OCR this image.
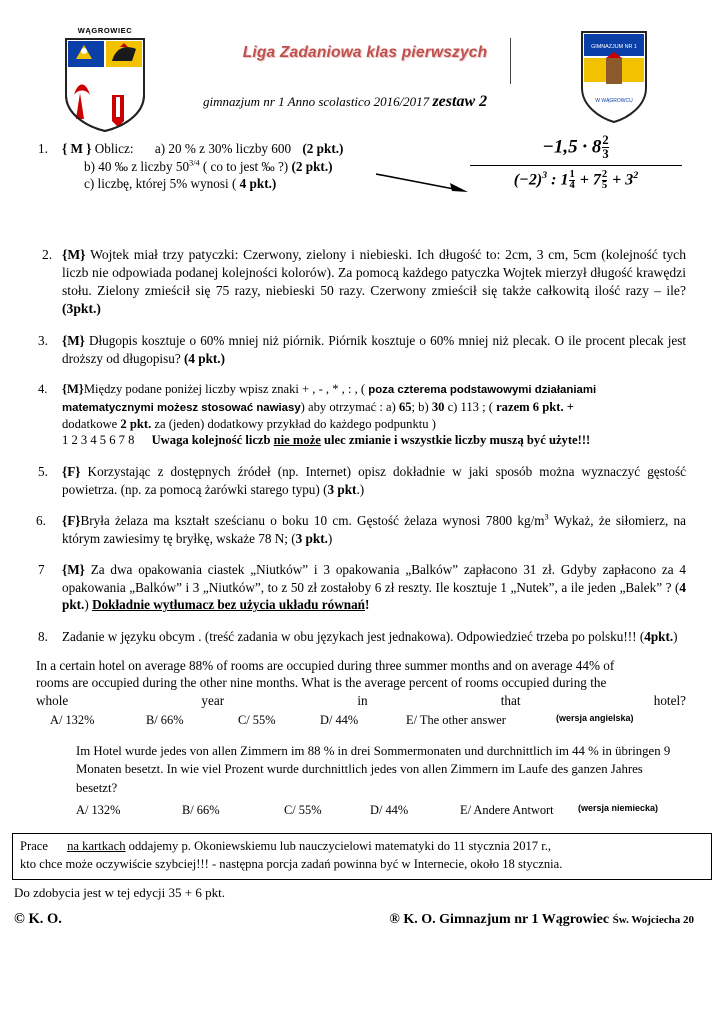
WĄGROWIEC
Liga Zadaniowa klas pierwszych
gimnazjum nr 1 Anno scolastico 2016/2017 zestaw 2
GIMNAZJUM NR 1
W WĄGROWCU
1.	{ M } Oblicz: a) 20 % z 30% liczby 600 (2 pkt.)
b) 40 ‰ z liczby $50^{3/4}$ ( co to jest ‰ ?) (2 pkt.)
c) liczbę, której 5% wynosi ( 4 pkt.)
$-1,5 \cdot 8 \frac{2}{3}$
$(-2)^3$ : $1 \frac{1}{4} + 7 \frac{2}{5} + 3^2$
2. {M} Wojtek miał trzy patyczki: Czerwony, zielony i niebieski. Ich długość to: 2cm, 3 cm, 5cm (kolejność tych liczb nie odpowiada podanej kolejności kolorów). Za pomocą każdego patyczka Wojtek mierzył długość krawędzi stołu. Zielony zmieścił się 75 razy, niebieski 50 razy. Czerwony zmieścił się także całkowitą ilość razy – ile? (3pkt.)
3.	{M} Długopis kosztuje o 60% mniej niż piórnik. Piórnik kosztuje o 60% mniej niż plecak. O ile procent plecak jest droższy od długopisu? (4 pkt.)
4.	{M}Między podane poniżej liczby wpisz znaki + , - , * , : , ( poza czterema podstawowymi działaniami
matematycznymi możesz stosować nawiasy) aby otrzymać : a) 65; b) 30 c) 113 ; ( razem 6 pkt. +
dodatkowe 2 pkt. za (jeden) dodatkowy przykład do każdego podpunktu )
1 2 3 4 5 6 7 8 Uwaga kolejność liczb nie może ulec zmianie i wszystkie liczby muszą być użyte!!!
5.	{F} Korzystając z dostępnych źródeł (np. Internet) opisz dokładnie w jaki sposób można wyznaczyć gęstość powietrza. (np. za pomocą żarówki starego typu) (3 pkt.)
6.	{F}Bryła żelaza ma kształt sześcianu o boku 10 cm. Gęstość żelaza wynosi 7800 $kg/m^3$ Wykaż, że siłomierz, na którym zawiesimy tę bryłkę, wskaże 78 N; (3 pkt.)
7	{M} Za dwa opakowania ciastek „Niutków” i 3 opakowania „Balków” zapłacono 31 zł. Gdyby zapłacono za 4 opakowania „Balków” i 3 „Niutków”, to z 50 zł zostałoby 6 zł reszty. Ile kosztuje 1 „Nutek”, a ile jeden „Balek” ? (4 pkt.) Dokładnie wytłumacz bez użycia układu równań!
8.	Zadanie w języku obcym . (treść zadania w obu językach jest jednakowa). Odpowiedzieć trzeba po polsku!!! (4pkt.)
In a certain hotel on average 88% of rooms are occupied during three summer months and on average 44% of
rooms are occupied during the other nine months. What is the average percent of rooms occupied during the
whole	year	in	that	hotel?
A/ 132%	B/ 66%	C/ 55%	D/ 44%	E/ The other answer	(wersja angielska)
Im Hotel wurde jedes von allen Zimmern im 88 % in drei Sommermonaten und durchnittlich im 44 % in übringen 9
Monaten besetzt. In wie viel Prozent wurde durchnittlich jedes von allen Zimmern im Laufe des ganzen Jahres
besetzt?
A/ 132%	B/ 66%	C/ 55%	D/ 44%	E/ Andere Antwort	(wersja niemiecka)
Prace na kartkach oddajemy p. Okoniewskiemu lub nauczycielowi matematyki do 11 stycznia 2017 r.,
kto chce może oczywiście szybciej!!! - następna porcja zadań powinna być w Internecie, około 18 stycznia.
Do zdobycia jest w tej edycji 35 + 6 pkt.
© K. O.	® K. O. Gimnazjum nr 1 Wągrowiec Św. Wojciecha 20
